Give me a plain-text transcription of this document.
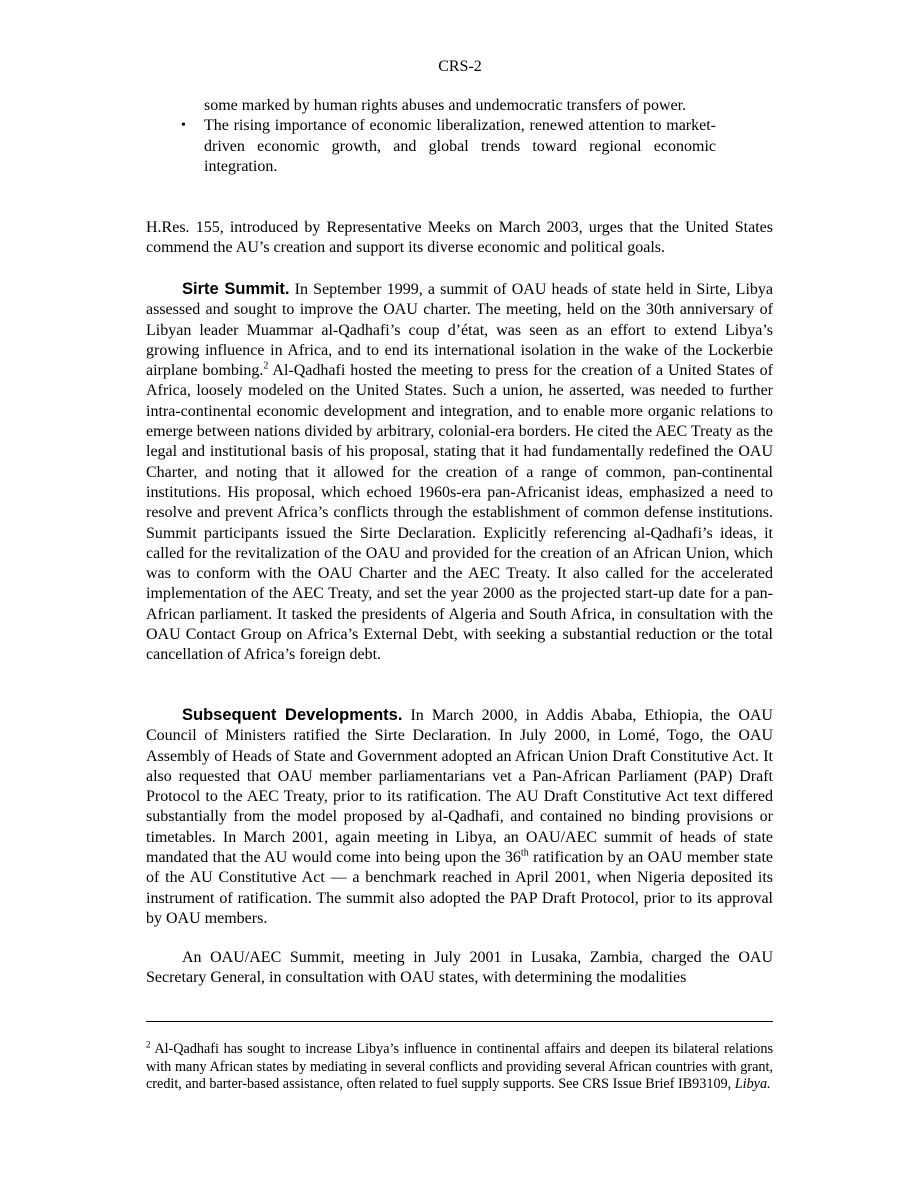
CRS-2

some marked by human rights abuses and undemocratic transfers of power.

• The rising importance of economic liberalization, renewed attention to market-driven economic growth, and global trends toward regional economic integration.

H.Res. 155, introduced by Representative Meeks on March 2003, urges that the United States commend the AU’s creation and support its diverse economic and political goals.

Sirte Summit. In September 1999, a summit of OAU heads of state held in Sirte, Libya assessed and sought to improve the OAU charter. The meeting, held on the 30th anniversary of Libyan leader Muammar al-Qadhafi’s coup d’état, was seen as an effort to extend Libya’s growing influence in Africa, and to end its international isolation in the wake of the Lockerbie airplane bombing.$^2$ Al-Qadhafi hosted the meeting to press for the creation of a United States of Africa, loosely modeled on the United States. Such a union, he asserted, was needed to further intra-continental economic development and integration, and to enable more organic relations to emerge between nations divided by arbitrary, colonial-era borders. He cited the AEC Treaty as the legal and institutional basis of his proposal, stating that it had fundamentally redefined the OAU Charter, and noting that it allowed for the creation of a range of common, pan-continental institutions. His proposal, which echoed 1960s-era pan-Africanist ideas, emphasized a need to resolve and prevent Africa’s conflicts through the establishment of common defense institutions. Summit participants issued the Sirte Declaration. Explicitly referencing al-Qadhafi’s ideas, it called for the revitalization of the OAU and provided for the creation of an African Union, which was to conform with the OAU Charter and the AEC Treaty. It also called for the accelerated implementation of the AEC Treaty, and set the year 2000 as the projected start-up date for a pan-African parliament. It tasked the presidents of Algeria and South Africa, in consultation with the OAU Contact Group on Africa’s External Debt, with seeking a substantial reduction or the total cancellation of Africa’s foreign debt.

Subsequent Developments. In March 2000, in Addis Ababa, Ethiopia, the OAU Council of Ministers ratified the Sirte Declaration. In July 2000, in Lomé, Togo, the OAU Assembly of Heads of State and Government adopted an African Union Draft Constitutive Act. It also requested that OAU member parliamentarians vet a Pan-African Parliament (PAP) Draft Protocol to the AEC Treaty, prior to its ratification. The AU Draft Constitutive Act text differed substantially from the model proposed by al-Qadhafi, and contained no binding provisions or timetables. In March 2001, again meeting in Libya, an OAU/AEC summit of heads of state mandated that the AU would come into being upon the 36th ratification by an OAU member state of the AU Constitutive Act — a benchmark reached in April 2001, when Nigeria deposited its instrument of ratification. The summit also adopted the PAP Draft Protocol, prior to its approval by OAU members.

An OAU/AEC Summit, meeting in July 2001 in Lusaka, Zambia, charged the OAU Secretary General, in consultation with OAU states, with determining the modalities

$^2$ Al-Qadhafi has sought to increase Libya’s influence in continental affairs and deepen its bilateral relations with many African states by mediating in several conflicts and providing several African countries with grant, credit, and barter-based assistance, often related to fuel supply supports. See CRS Issue Brief IB93109, Libya.
